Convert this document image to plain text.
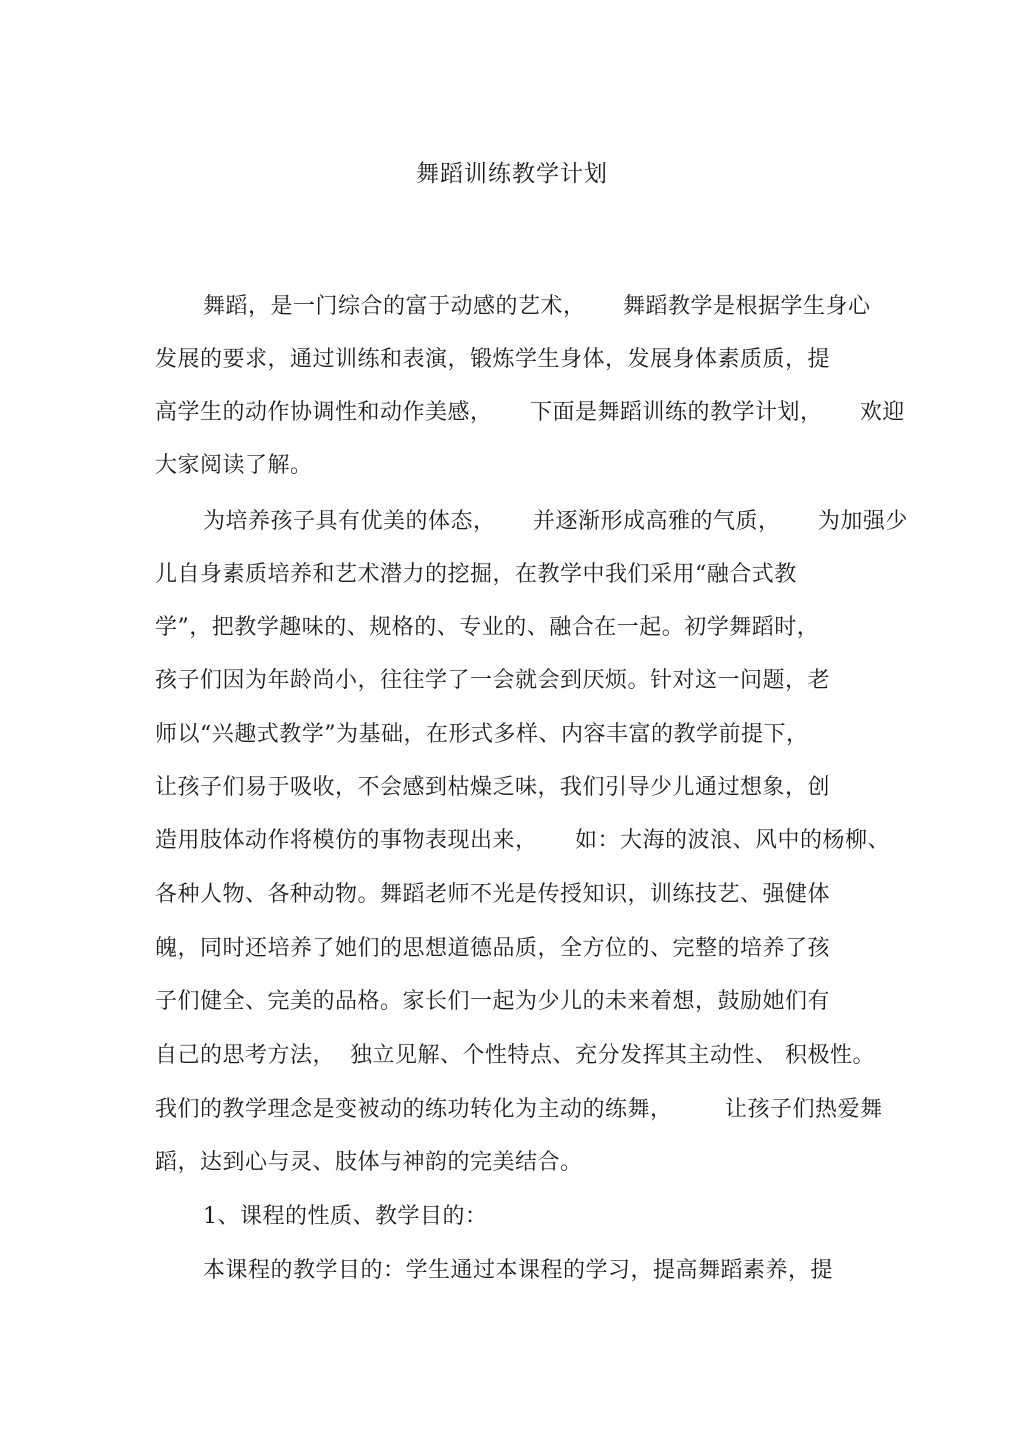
舞蹈训练教学计划
舞蹈，是一门综合的富于动感的艺术，     舞蹈教学是根据学生身心
发展的要求，通过训练和表演，锻炼学生身体，发展身体素质质，提
高学生的动作协调性和动作美感，     下面是舞蹈训练的教学计划，     欢迎
大家阅读了解。
为培养孩子具有优美的体态，     并逐渐形成高雅的气质，     为加强少
儿自身素质培养和艺术潜力的挖掘，在教学中我们采用“融合式教
学”，把教学趣味的、规格的、专业的、融合在一起。初学舞蹈时，
孩子们因为年龄尚小，往往学了一会就会到厌烦。针对这一问题，老
师以“兴趣式教学”为基础，在形式多样、内容丰富的教学前提下，
让孩子们易于吸收，不会感到枯燥乏味，我们引导少儿通过想象，创
造用肢体动作将模仿的事物表现出来，     如：大海的波浪、风中的杨柳、
各种人物、各种动物。舞蹈老师不光是传授知识，训练技艺、强健体
魄，同时还培养了她们的思想道德品质，全方位的、完整的培养了孩
子们健全、完美的品格。家长们一起为少儿的未来着想，鼓励她们有
自己的思考方法，  独立见解、个性特点、充分发挥其主动性、 积极性。
我们的教学理念是变被动的练功转化为主动的练舞，       让孩子们热爱舞
蹈，达到心与灵、肢体与神韵的完美结合。
1、课程的性质、教学目的：
本课程的教学目的：学生通过本课程的学习，提高舞蹈素养，提
